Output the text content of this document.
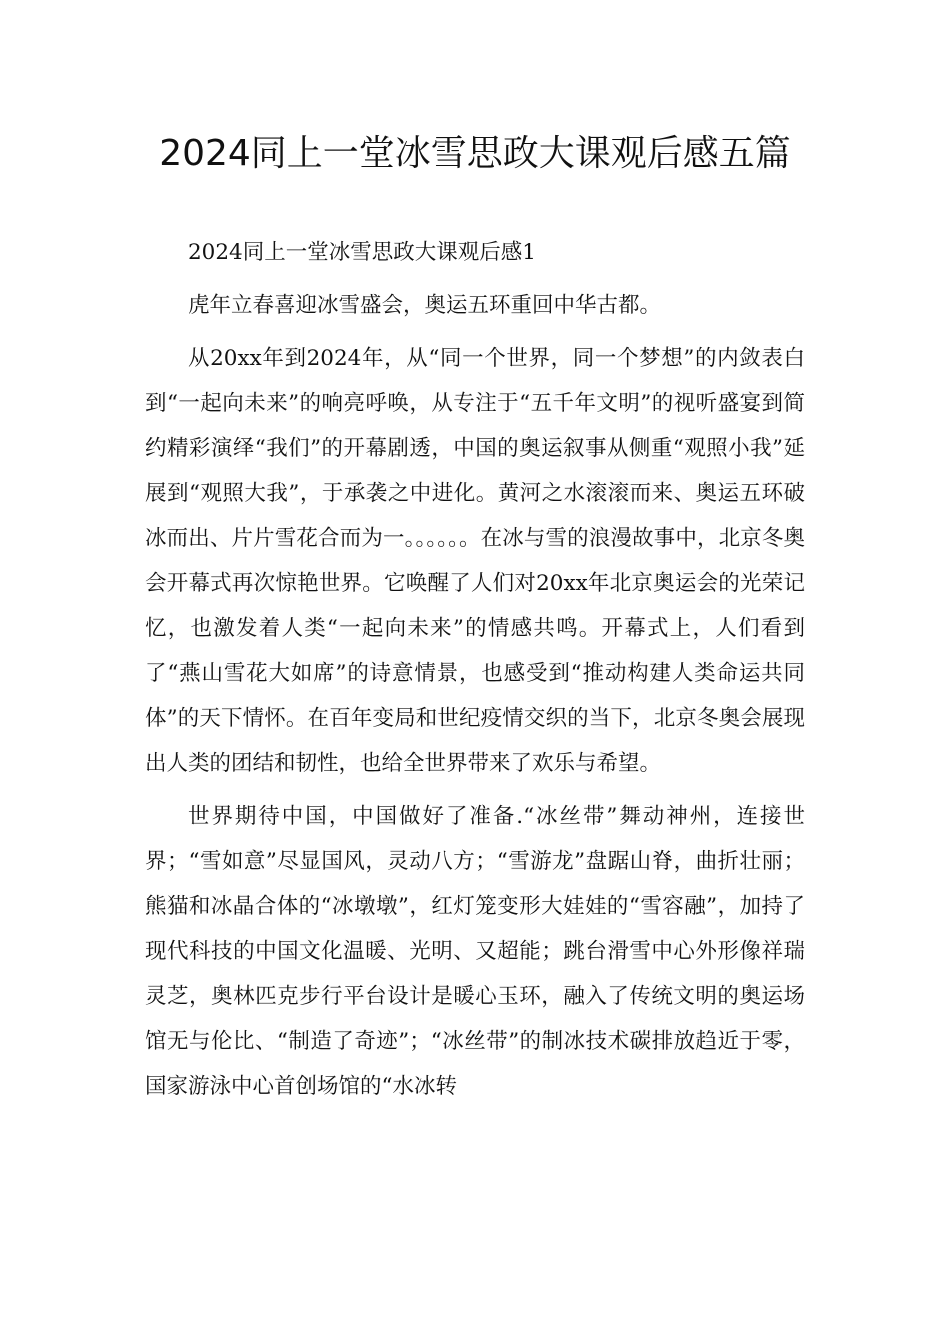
2024同上一堂冰雪思政大课观后感五篇

2024同上一堂冰雪思政大课观后感1

虎年立春喜迎冰雪盛会，奥运五环重回中华古都。

从20xx年到2024年，从“同一个世界，同一个梦想”的内敛表白到“一起向未来”的响亮呼唤，从专注于“五千年文明”的视听盛宴到简约精彩演绎“我们”的开幕剧透，中国的奥运叙事从侧重“观照小我”延展到“观照大我”，于承袭之中进化。黄河之水滚滚而来、奥运五环破冰而出、片片雪花合而为一。。。。。。在冰与雪的浪漫故事中，北京冬奥会开幕式再次惊艳世界。它唤醒了人们对20xx年北京奥运会的光荣记忆，也激发着人类“一起向未来”的情感共鸣。开幕式上，人们看到了“燕山雪花大如席”的诗意情景，也感受到“推动构建人类命运共同体”的天下情怀。在百年变局和世纪疫情交织的当下，北京冬奥会展现出人类的团结和韧性，也给全世界带来了欢乐与希望。

世界期待中国，中国做好了准备.“冰丝带”舞动神州，连接世界；“雪如意”尽显国风，灵动八方；“雪游龙”盘踞山脊，曲折壮丽；熊猫和冰晶合体的“冰墩墩”，红灯笼变形大娃娃的“雪容融”，加持了现代科技的中国文化温暖、光明、又超能；跳台滑雪中心外形像祥瑞灵芝，奥林匹克步行平台设计是暖心玉环，融入了传统文明的奥运场馆无与伦比、“制造了奇迹”；“冰丝带”的制冰技术碳排放趋近于零，国家游泳中心首创场馆的“水冰转
